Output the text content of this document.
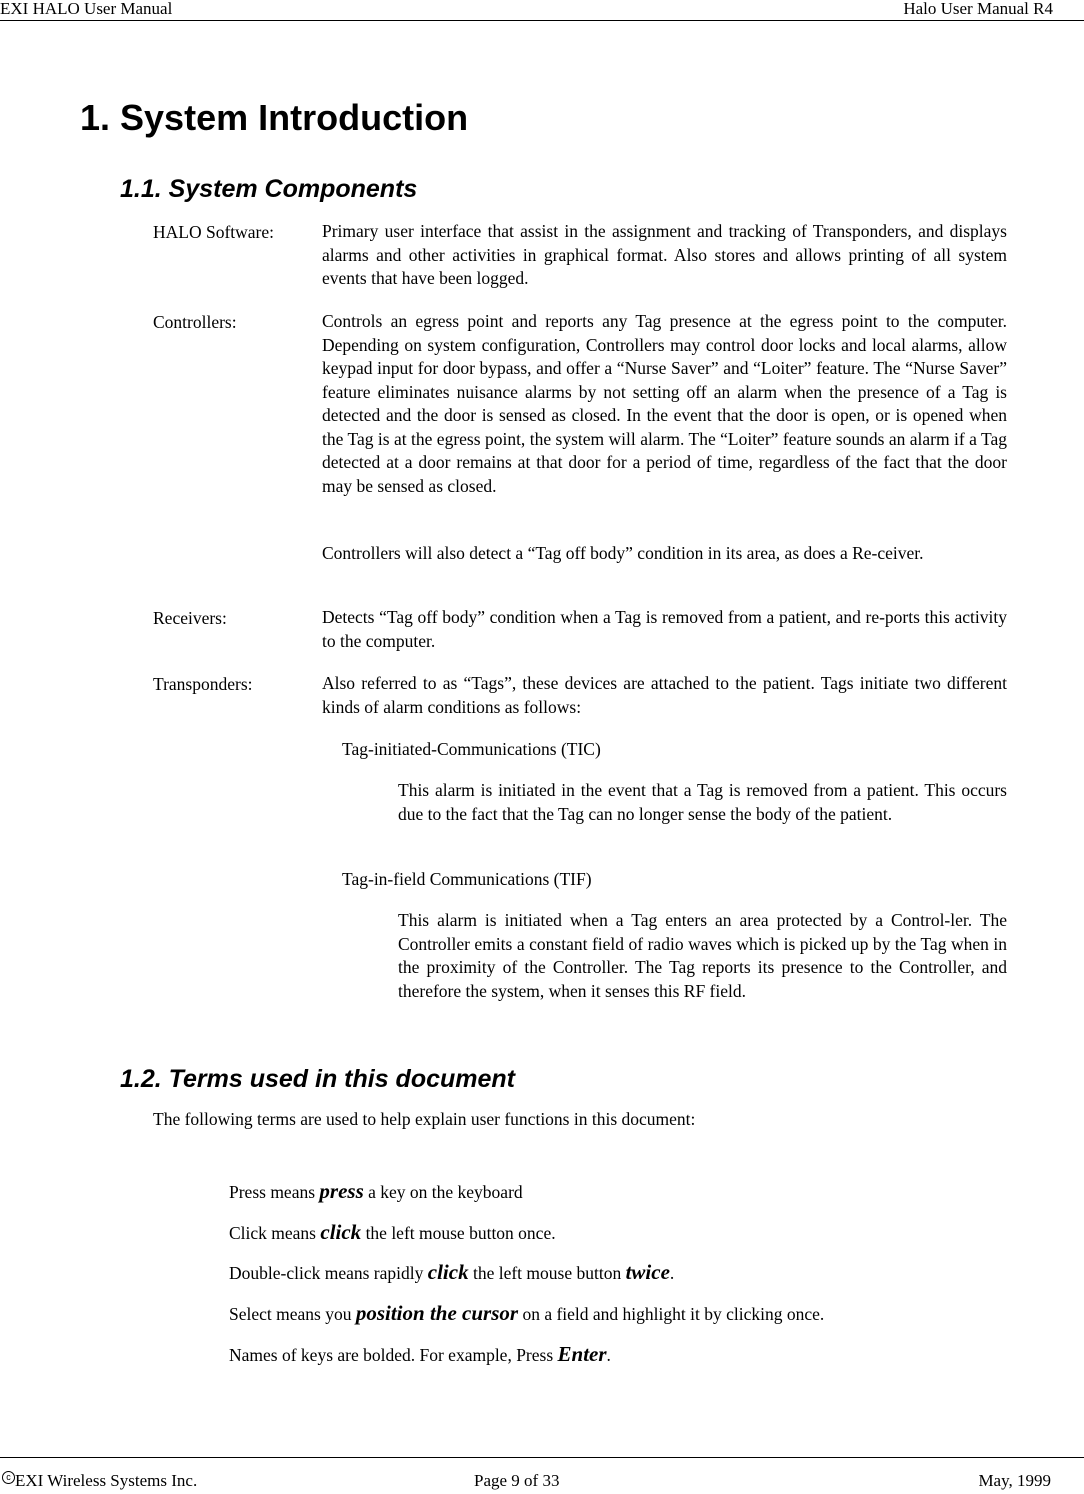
EXI HALO User Manual	Halo User Manual R4
1. System Introduction
1.1. System Components
HALO Software:	Primary user interface that assist in the assignment and tracking of Transponders, and displays alarms and other activities in graphical format. Also stores and allows printing of all system events that have been logged.
Controllers:	Controls an egress point and reports any Tag presence at the egress point to the computer. Depending on system configuration, Controllers may control door locks and local alarms, allow keypad input for door bypass, and offer a “Nurse Saver” and “Loiter” feature. The “Nurse Saver” feature eliminates nuisance alarms by not setting off an alarm when the presence of a Tag is detected and the door is sensed as closed. In the event that the door is open, or is opened when the Tag is at the egress point, the system will alarm. The “Loiter” feature sounds an alarm if a Tag detected at a door remains at that door for a period of time, regardless of the fact that the door may be sensed as closed.
Controllers will also detect a “Tag off body” condition in its area, as does a Re-ceiver.
Receivers:	Detects “Tag off body” condition when a Tag is removed from a patient, and re-ports this activity to the computer.
Transponders:	Also referred to as “Tags”, these devices are attached to the patient. Tags initiate two different kinds of alarm conditions as follows:
Tag-initiated-Communications (TIC)
This alarm is initiated in the event that a Tag is removed from a patient. This occurs due to the fact that the Tag can no longer sense the body of the patient.
Tag-in-field Communications (TIF)
This alarm is initiated when a Tag enters an area protected by a Control-ler. The Controller emits a constant field of radio waves which is picked up by the Tag when in the proximity of the Controller. The Tag reports its presence to the Controller, and therefore the system, when it senses this RF field.
1.2. Terms used in this document
The following terms are used to help explain user functions in this document:
Press means press a key on the keyboard
Click means click the left mouse button once.
Double-click means rapidly click the left mouse button twice.
Select means you position the cursor on a field and highlight it by clicking once.
Names of keys are bolded. For example, Press Enter.
c EXI Wireless Systems Inc.	Page 9 of 33	May, 1999
